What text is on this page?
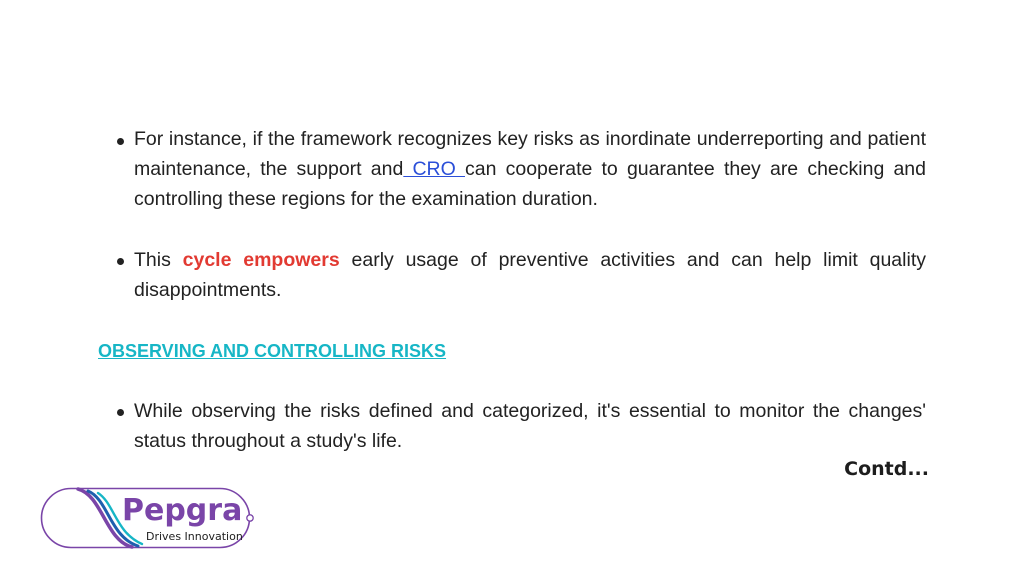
For instance, if the framework recognizes key risks as inordinate underreporting and patient maintenance, the support and CRO can cooperate to guarantee they are checking and controlling these regions for the examination duration.
This cycle empowers early usage of preventive activities and can help limit quality disappointments.
OBSERVING AND CONTROLLING RISKS
While observing the risks defined and categorized, it's essential to monitor the changes' status throughout a study's life.
Contd...
Pepgra
Drives Innovation
